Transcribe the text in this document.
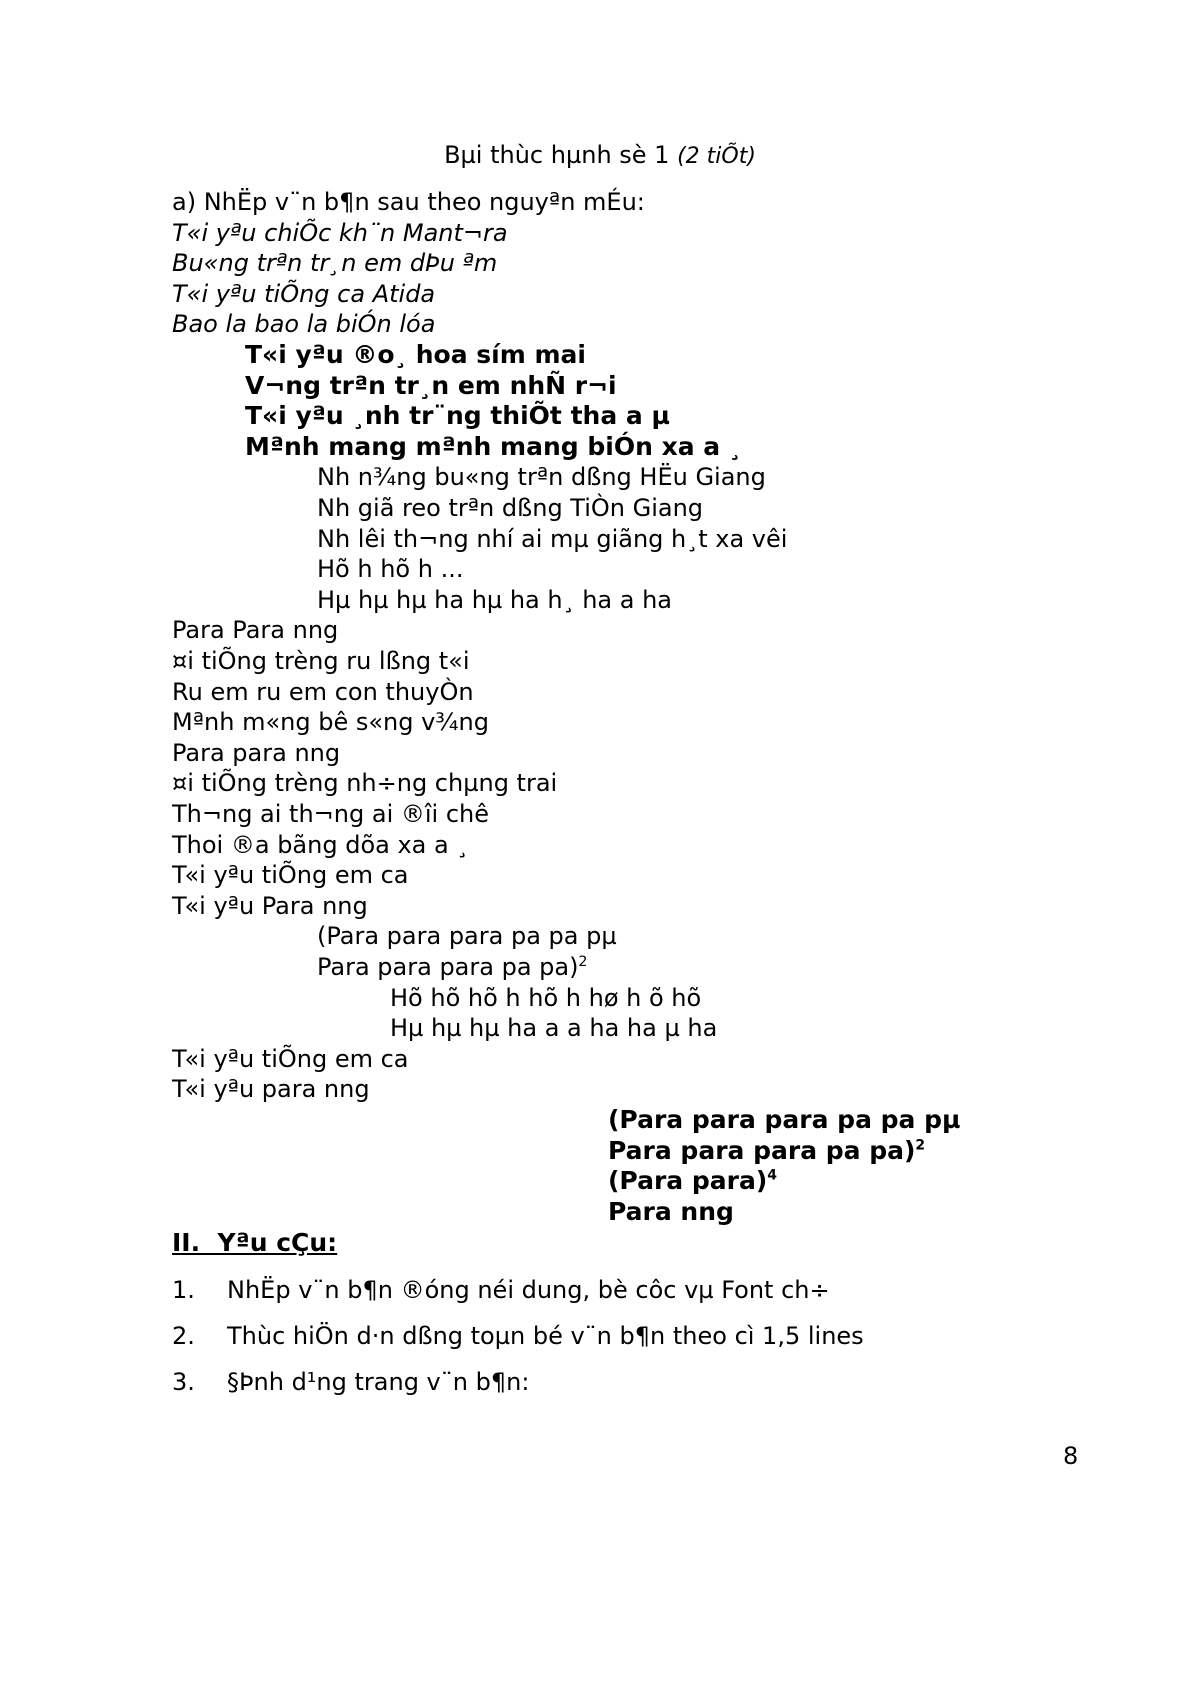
Bµi thùc hµnh sè 1 (2 tiÕt)
a) NhËp v¨n b¶n sau theo nguyªn mÉu:
T«i yªu chiÕc kh¨n Mant¬ra
Bu«ng trªn tr¸n em dÞu ªm
T«i yªu tiÕng ca Atida
Bao la bao la biÓn lóa
T«i yªu ®o¸ hoa sím mai
V¬ng trªn tr¸n em nhÑ r¬i
T«i yªu ¸nh tr¨ng thiÕt tha a µ
Mªnh mang mªnh mang biÓn xa a ¸
Nh n¾ng bu«ng trªn dßng HËu Giang
Nh giã reo trªn dßng TiÒn Giang
Nh lêi th¬ng nhí ai mµ giãng h¸t xa vêi
Hõ h hõ h ...
Hµ hµ hµ ha hµ ha h¸ ha a ha
Para Para nng
¤i tiÕng trèng ru lßng t«i
Ru em ru em con thuyÒn
Mªnh m«ng bê s«ng v¾ng
Para para nng
¤i tiÕng trèng nh÷ng chµng trai
Th¬ng ai th¬ng ai ®îi chê
Thoi ®a bãng dõa xa a ¸
T«i yªu tiÕng em ca
T«i yªu Para nng
(Para para para pa pa pµ
Para para para pa pa)$^2$
Hõ hõ hõ h hõ h hø h õ hõ
Hµ hµ hµ ha a a ha ha µ ha
T«i yªu tiÕng em ca
T«i yªu para nng
(Para para para pa pa pµ
Para para para pa pa)$^2$
(Para para)$^4$
Para nng
II.  Yªu cÇu:
1. NhËp v¨n b¶n ®óng néi dung, bè côc vµ Font ch÷
2. Thùc hiÖn d·n dßng toµn bé v¨n b¶n theo cì 1,5 lines
3. §Þnh d¹ng trang v¨n b¶n:
8
